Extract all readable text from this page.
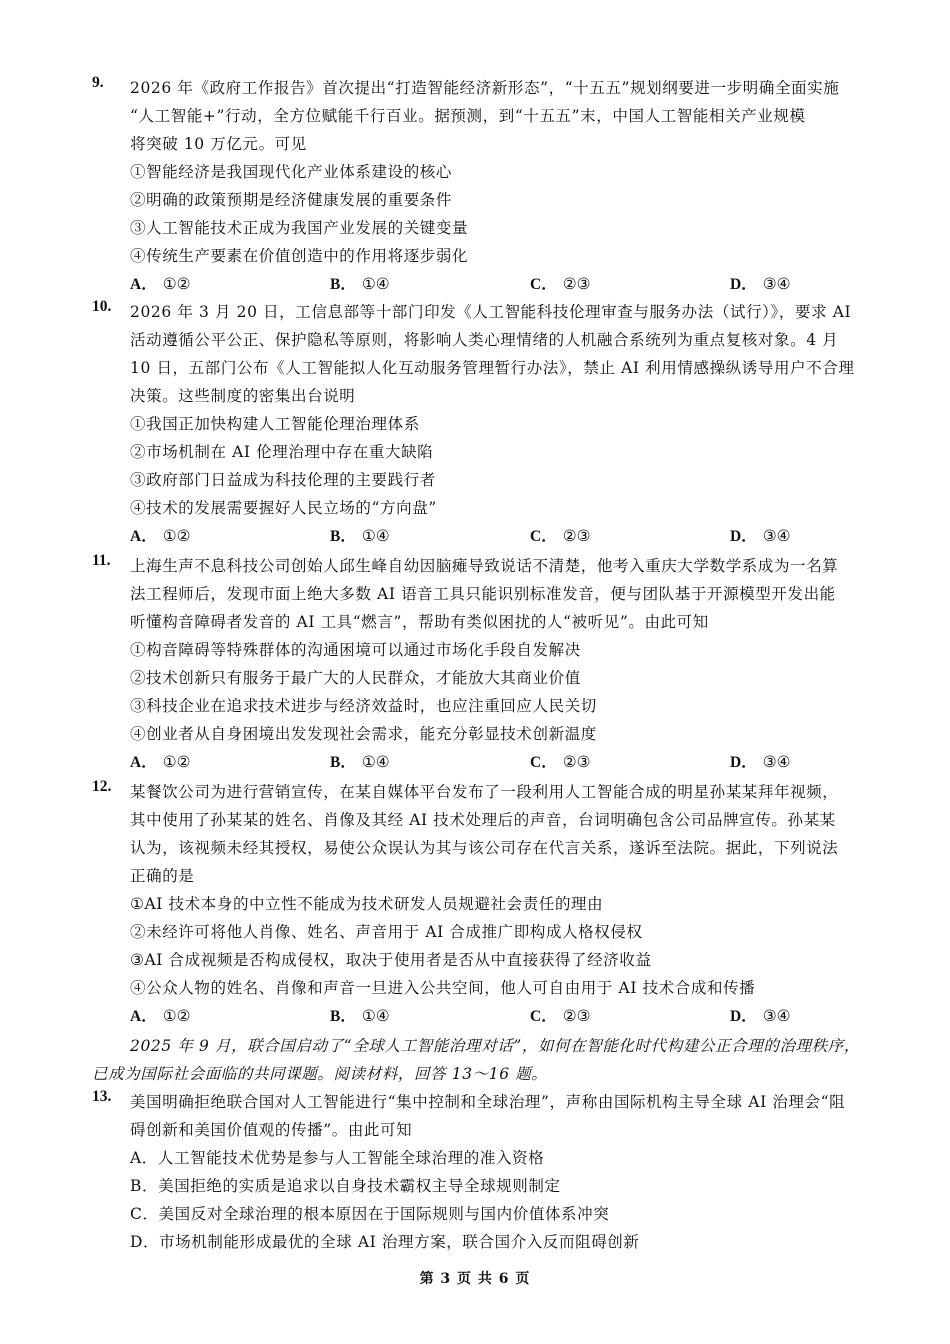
9. 2026 年《政府工作报告》首次提出“打造智能经济新形态”，“十五五”规划纲要进一步明确全面实施
“人工智能+”行动，全方位赋能千行百业。据预测，到“十五五”末，中国人工智能相关产业规模
将突破 10 万亿元。可见
①智能经济是我国现代化产业体系建设的核心
②明确的政策预期是经济健康发展的重要条件
③人工智能技术正成为我国产业发展的关键变量
④传统生产要素在价值创造中的作用将逐步弱化
A． ①②	B． ①④	C． ②③	D． ③④
10. 2026 年 3 月 20 日，工信息部等十部门印发《人工智能科技伦理审查与服务办法（试行）》，要求 AI
活动遵循公平公正、保护隐私等原则，将影响人类心理情绪的人机融合系统列为重点复核对象。4 月
10 日，五部门公布《人工智能拟人化互动服务管理暂行办法》，禁止 AI 利用情感操纵诱导用户不合理
决策。这些制度的密集出台说明
①我国正加快构建人工智能伦理治理体系
②市场机制在 AI 伦理治理中存在重大缺陷
③政府部门日益成为科技伦理的主要践行者
④技术的发展需要握好人民立场的“方向盘”
A． ①②	B． ①④	C． ②③	D． ③④
11. 上海生声不息科技公司创始人邱生峰自幼因脑瘫导致说话不清楚，他考入重庆大学数学系成为一名算
法工程师后，发现市面上绝大多数 AI 语音工具只能识别标准发音，便与团队基于开源模型开发出能
听懂构音障碍者发音的 AI 工具“燃言”，帮助有类似困扰的人“被听见”。由此可知
①构音障碍等特殊群体的沟通困境可以通过市场化手段自发解决
②技术创新只有服务于最广大的人民群众，才能放大其商业价值
③科技企业在追求技术进步与经济效益时，也应注重回应人民关切
④创业者从自身困境出发发现社会需求，能充分彰显技术创新温度
A． ①②	B． ①④	C． ②③	D． ③④
12. 某餐饮公司为进行营销宣传，在某自媒体平台发布了一段利用人工智能合成的明星孙某某拜年视频，
其中使用了孙某某的姓名、肖像及其经 AI 技术处理后的声音，台词明确包含公司品牌宣传。孙某某
认为，该视频未经其授权，易使公众误认为其与该公司存在代言关系，遂诉至法院。据此，下列说法
正确的是
①AI 技术本身的中立性不能成为技术研发人员规避社会责任的理由
②未经许可将他人肖像、姓名、声音用于 AI 合成推广即构成人格权侵权
③AI 合成视频是否构成侵权，取决于使用者是否从中直接获得了经济收益
④公众人物的姓名、肖像和声音一旦进入公共空间，他人可自由用于 AI 技术合成和传播
A． ①②	B． ①④	C． ②③	D． ③④
2025 年 9 月，联合国启动了“全球人工智能治理对话”，如何在智能化时代构建公正合理的治理秩序，
已成为国际社会面临的共同课题。阅读材料，回答 13～16 题。
13. 美国明确拒绝联合国对人工智能进行“集中控制和全球治理”，声称由国际机构主导全球 AI 治理会“阻
碍创新和美国价值观的传播”。由此可知
A．人工智能技术优势是参与人工智能全球治理的准入资格
B．美国拒绝的实质是追求以自身技术霸权主导全球规则制定
C．美国反对全球治理的根本原因在于国际规则与国内价值体系冲突
D．市场机制能形成最优的全球 AI 治理方案，联合国介入反而阻碍创新
第 3 页 共 6 页
